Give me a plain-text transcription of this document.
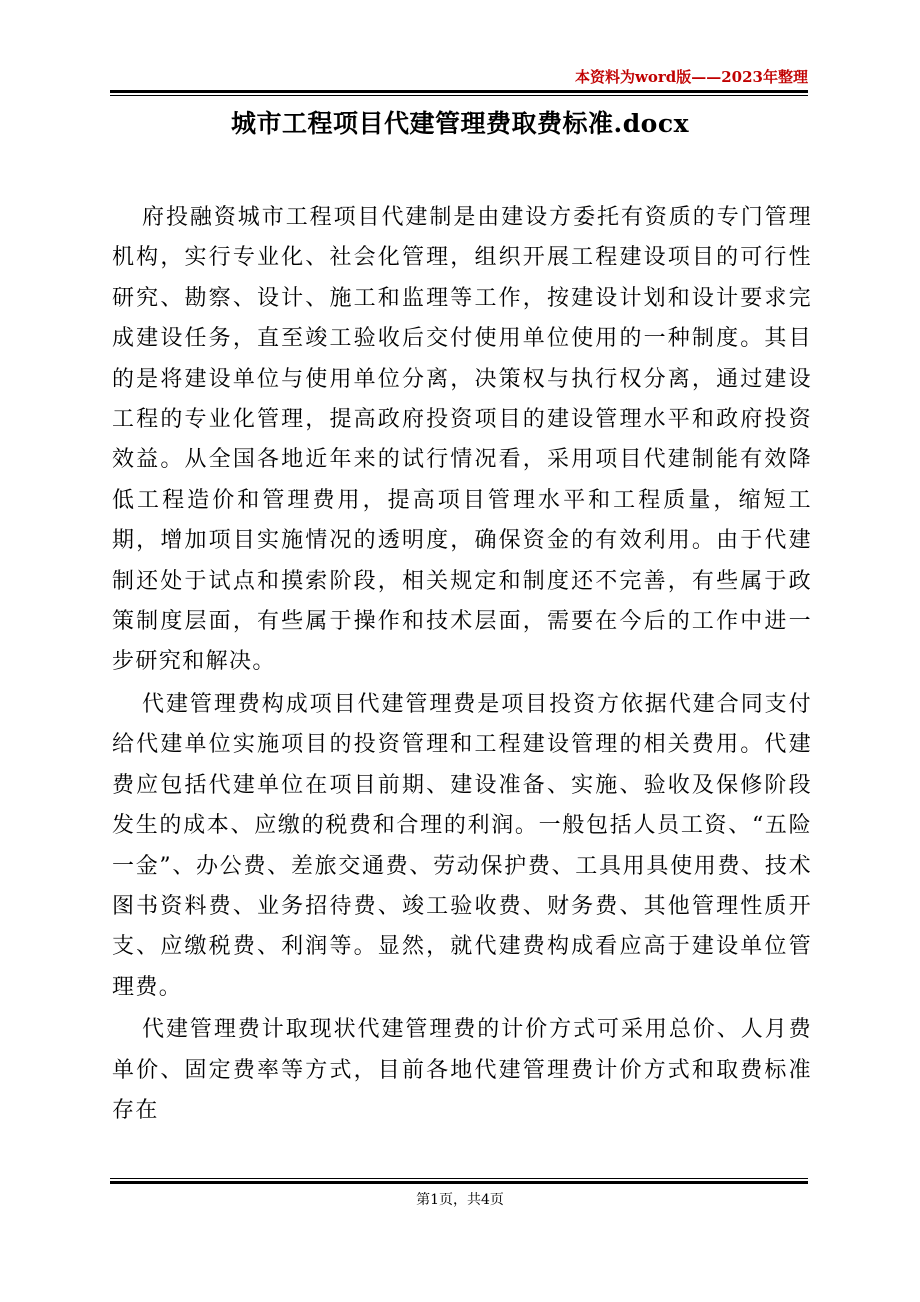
本资料为word版——2023年整理
城市工程项目代建管理费取费标准.docx

府投融资城市工程项目代建制是由建设方委托有资质的专门管理机构，实行专业化、社会化管理，组织开展工程建设项目的可行性研究、勘察、设计、施工和监理等工作，按建设计划和设计要求完成建设任务，直至竣工验收后交付使用单位使用的一种制度。其目的是将建设单位与使用单位分离，决策权与执行权分离，通过建设工程的专业化管理，提高政府投资项目的建设管理水平和政府投资效益。从全国各地近年来的试行情况看，采用项目代建制能有效降低工程造价和管理费用，提高项目管理水平和工程质量，缩短工期，增加项目实施情况的透明度，确保资金的有效利用。由于代建制还处于试点和摸索阶段，相关规定和制度还不完善，有些属于政策制度层面，有些属于操作和技术层面，需要在今后的工作中进一步研究和解决。

代建管理费构成项目代建管理费是项目投资方依据代建合同支付给代建单位实施项目的投资管理和工程建设管理的相关费用。代建费应包括代建单位在项目前期、建设准备、实施、验收及保修阶段发生的成本、应缴的税费和合理的利润。一般包括人员工资、“五险一金”、办公费、差旅交通费、劳动保护费、工具用具使用费、技术图书资料费、业务招待费、竣工验收费、财务费、其他管理性质开支、应缴税费、利润等。显然，就代建费构成看应高于建设单位管理费。

代建管理费计取现状代建管理费的计价方式可采用总价、人月费单价、固定费率等方式，目前各地代建管理费计价方式和取费标准存在

第1页，共4页
